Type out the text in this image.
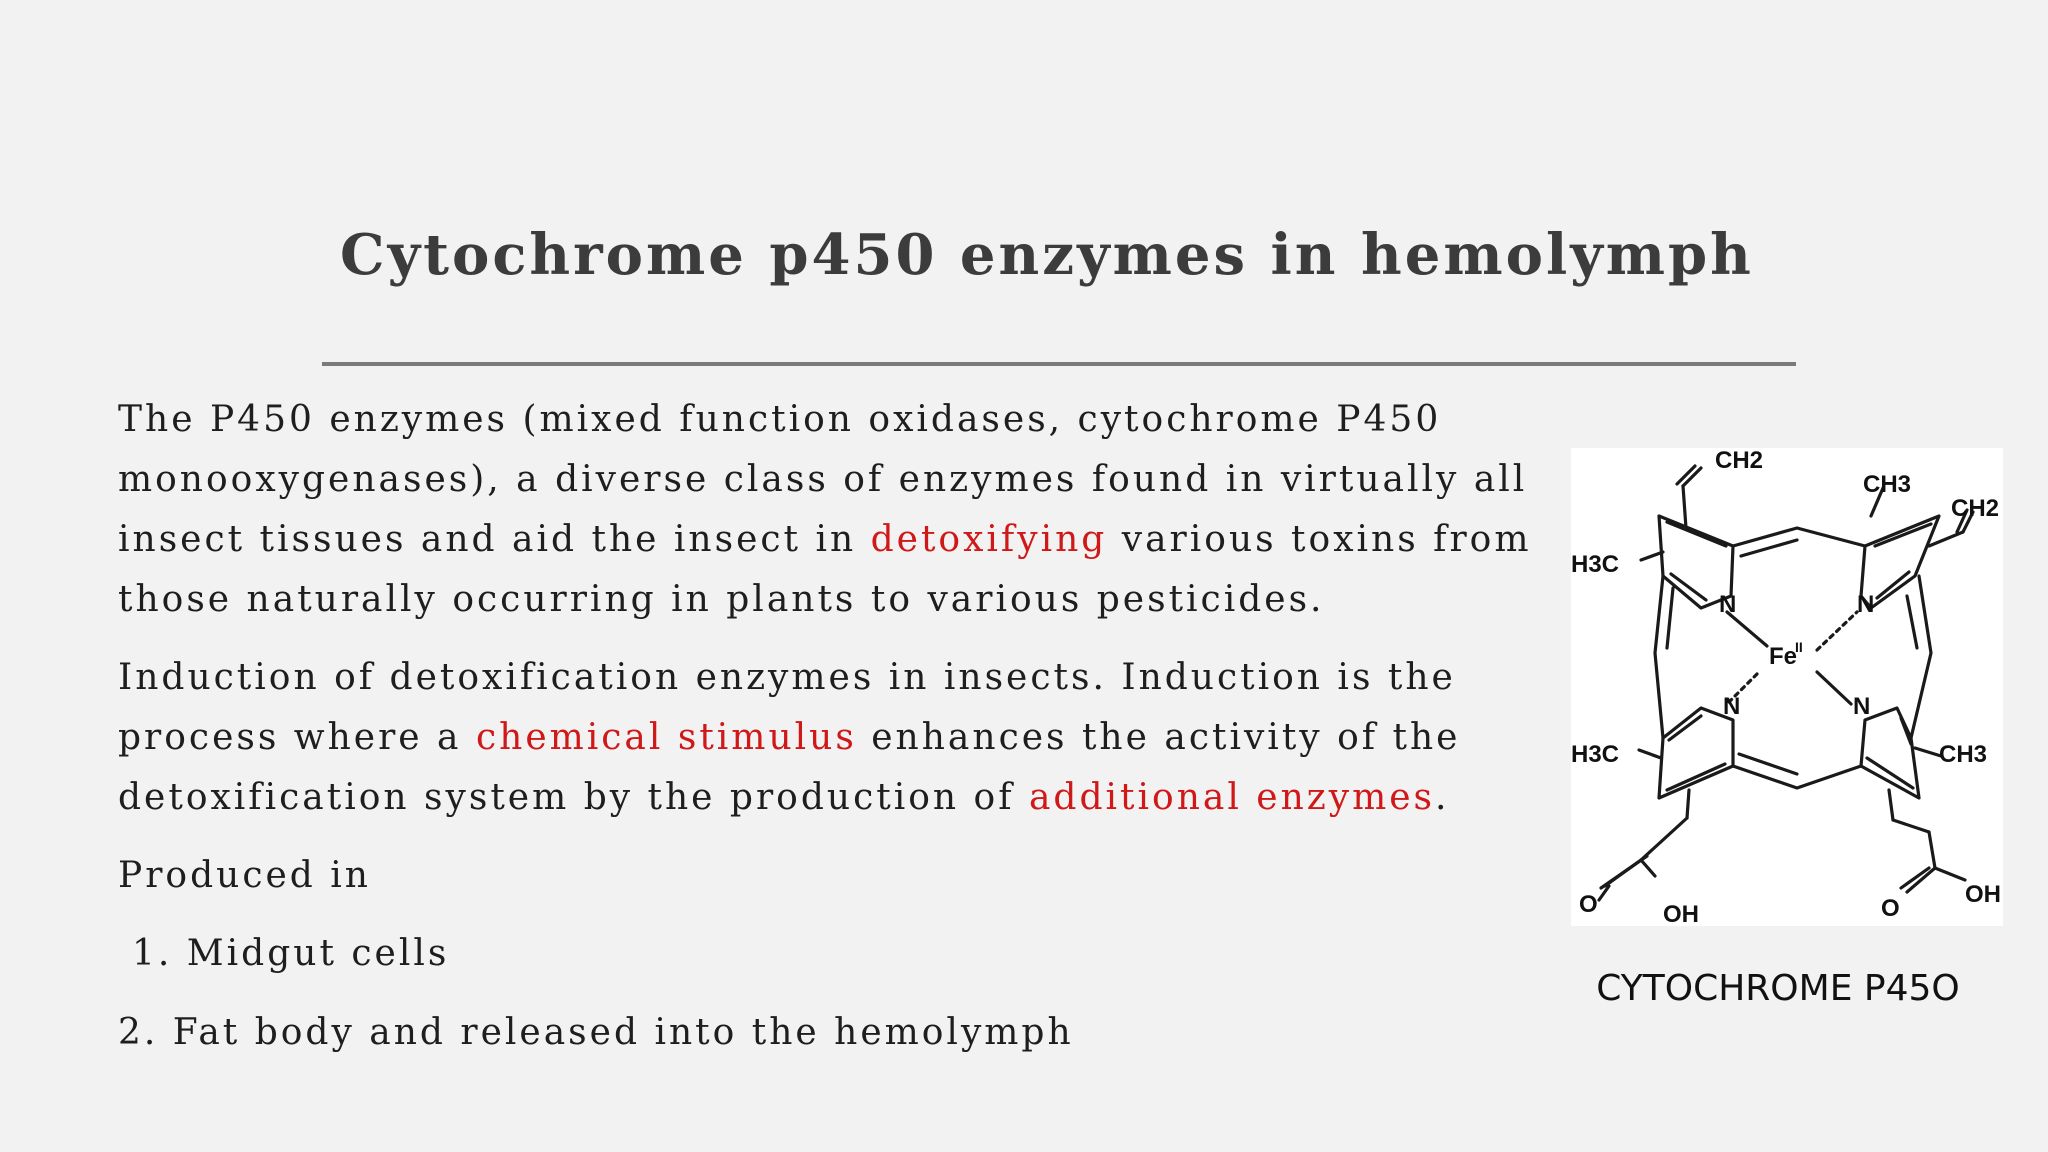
Cytochrome p450 enzymes in hemolymph

The P450 enzymes (mixed function oxidases, cytochrome P450 monooxygenases), a diverse class of enzymes found in virtually all insect tissues and aid the insect in detoxifying various toxins from those naturally occurring in plants to various pesticides.

Induction of detoxification enzymes in insects. Induction is the process where a chemical stimulus enhances the activity of the detoxification system by the production of additional enzymes.

Produced in

1. Midgut cells
2. Fat body and released into the hemolymph
CH2
CH3
CH2
H3C
H3C	CH3
N	N
N	N
Fe
II
O	OH	O
OH
CYTOCHROME P45O
